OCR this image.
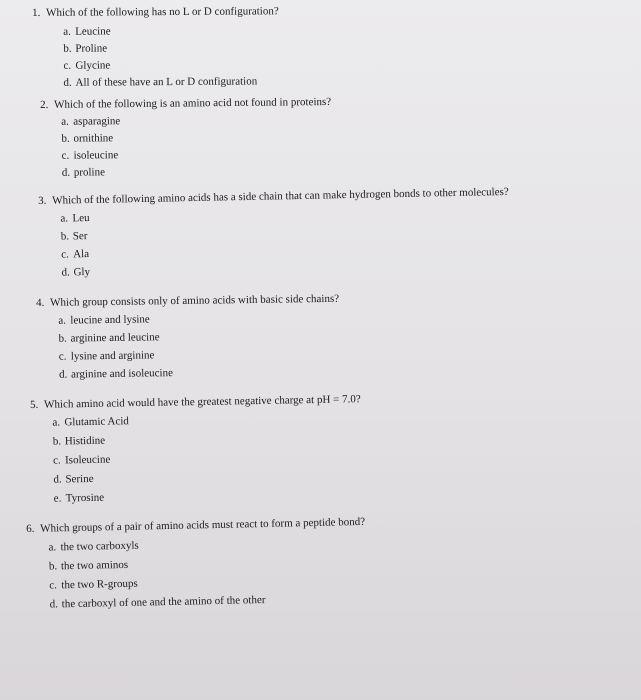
1. Which of the following has no L or D configuration?
a. Leucine
b. Proline
c. Glycine
d. All of these have an L or D configuration
2. Which of the following is an amino acid not found in proteins?
a. asparagine
b. ornithine
c. isoleucine
d. proline
3. Which of the following amino acids has a side chain that can make hydrogen bonds to other molecules?
a. Leu
b. Ser
c. Ala
d. Gly
4. Which group consists only of amino acids with basic side chains?
a. leucine and lysine
b. arginine and leucine
c. lysine and arginine
d. arginine and isoleucine
5. Which amino acid would have the greatest negative charge at pH = 7.0?
a. Glutamic Acid
b. Histidine
c. Isoleucine
d. Serine
e. Tyrosine
6. Which groups of a pair of amino acids must react to form a peptide bond?
a. the two carboxyls
b. the two aminos
c. the two R-groups
d. the carboxyl of one and the amino of the other
